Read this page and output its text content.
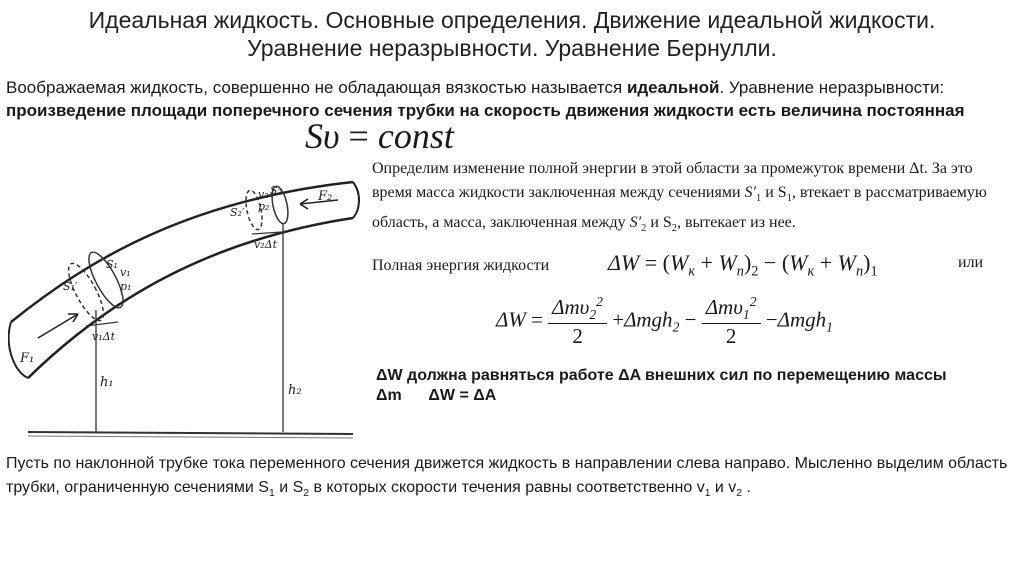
Идеальная жидкость. Основные определения. Движение идеальной жидкости. Уравнение неразрывности. Уравнение Бернулли.
Воображаемая жидкость, совершенно не обладающая вязкостью называется идеальной. Уравнение неразрывности: произведение площади поперечного сечения трубки на скорость движения жидкости есть величина постоянная
Sυ = const
F₁
F₂
S₁′
S₁
v₁
p₁
S₂′
v₂
p₂
S₂
v₁Δt
v₂Δt
h₁
h₂
Определим изменение полной энергии в этой области за промежуток времени Δt. За это время масса жидкости заключенная между сечениями $S'_1$ и $S_1$, втекает в рассматриваемую область, а масса, заключенная между $S'_2$ и $S_2$, вытекает из нее.
Полная энергия жидкости	$\Delta W = (W_к + W_n)_2 - (W_к + W_n)_1$
или
$\Delta W = \frac{\Delta m\upsilon_2^2}{2} +\Delta mgh_2 - \frac{\Delta m\upsilon_1^2}{2} -\Delta mgh_1$
ΔW должна равняться работе ΔA внешних сил по перемещению массы
Δm      ΔW = ΔA
Пусть по наклонной трубке тока переменного сечения движется жидкость в направлении слева направо. Мысленно выделим область трубки, ограниченную сечениями $S_1$ и $S_2$ в которых скорости течения равны соответственно $v_1$ и $v_2$ .
